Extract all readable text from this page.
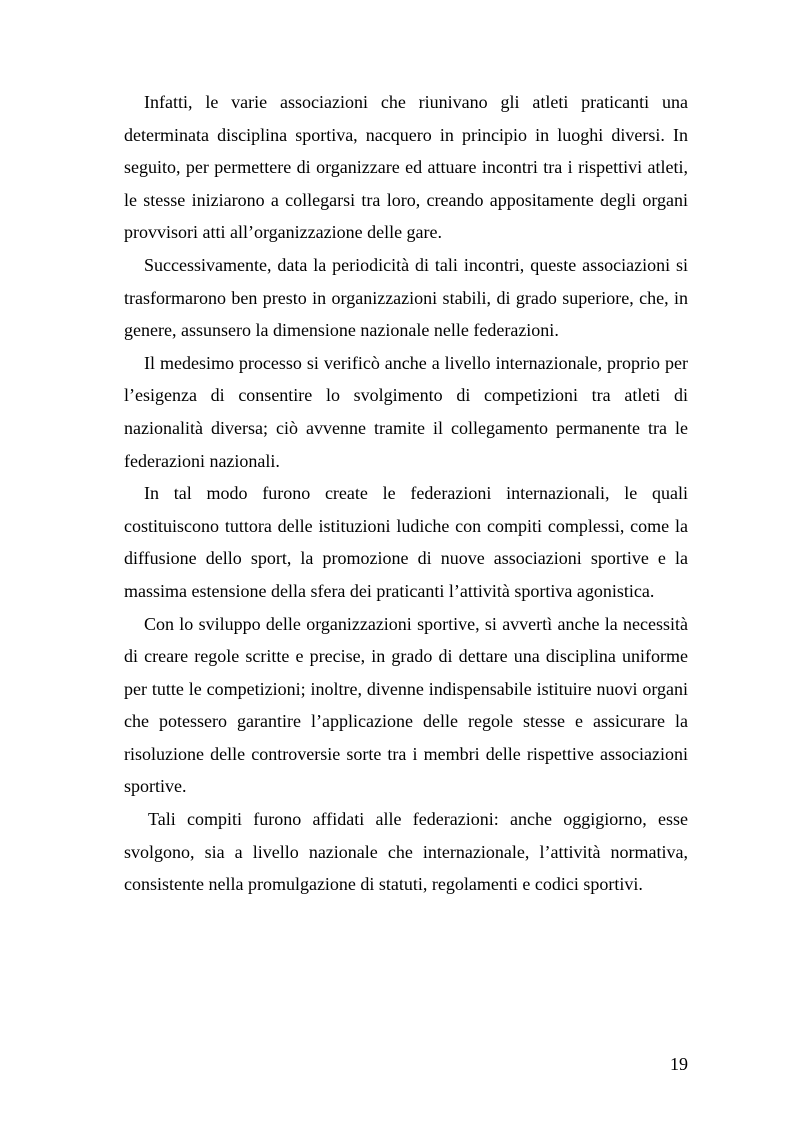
Infatti, le varie associazioni che riunivano gli atleti praticanti una determinata disciplina sportiva, nacquero in principio in luoghi diversi. In seguito, per permettere di organizzare ed attuare incontri tra i rispettivi atleti, le stesse iniziarono a collegarsi tra loro, creando appositamente degli organi provvisori atti all’organizzazione delle gare.

Successivamente, data la periodicità di tali incontri, queste associazioni si trasformarono ben presto in organizzazioni stabili, di grado superiore, che, in genere, assunsero la dimensione nazionale nelle federazioni.

Il medesimo processo si verificò anche a livello internazionale, proprio per l’esigenza di consentire lo svolgimento di competizioni tra atleti di nazionalità diversa; ciò avvenne tramite il collegamento permanente tra le federazioni nazionali.

In tal modo furono create le federazioni internazionali, le quali costituiscono tuttora delle istituzioni ludiche con compiti complessi, come la diffusione dello sport, la promozione di nuove associazioni sportive e la massima estensione della sfera dei praticanti l’attività sportiva agonistica.

Con lo sviluppo delle organizzazioni sportive, si avvertì anche la necessità di creare regole scritte e precise, in grado di dettare una disciplina uniforme per tutte le competizioni; inoltre, divenne indispensabile istituire nuovi organi che potessero garantire l’applicazione delle regole stesse e assicurare la risoluzione delle controversie sorte tra i membri delle rispettive associazioni sportive.

Tali compiti furono affidati alle federazioni: anche oggigiorno, esse svolgono, sia a livello nazionale che internazionale, l’attività normativa, consistente nella promulgazione di statuti, regolamenti e codici sportivi.

19
